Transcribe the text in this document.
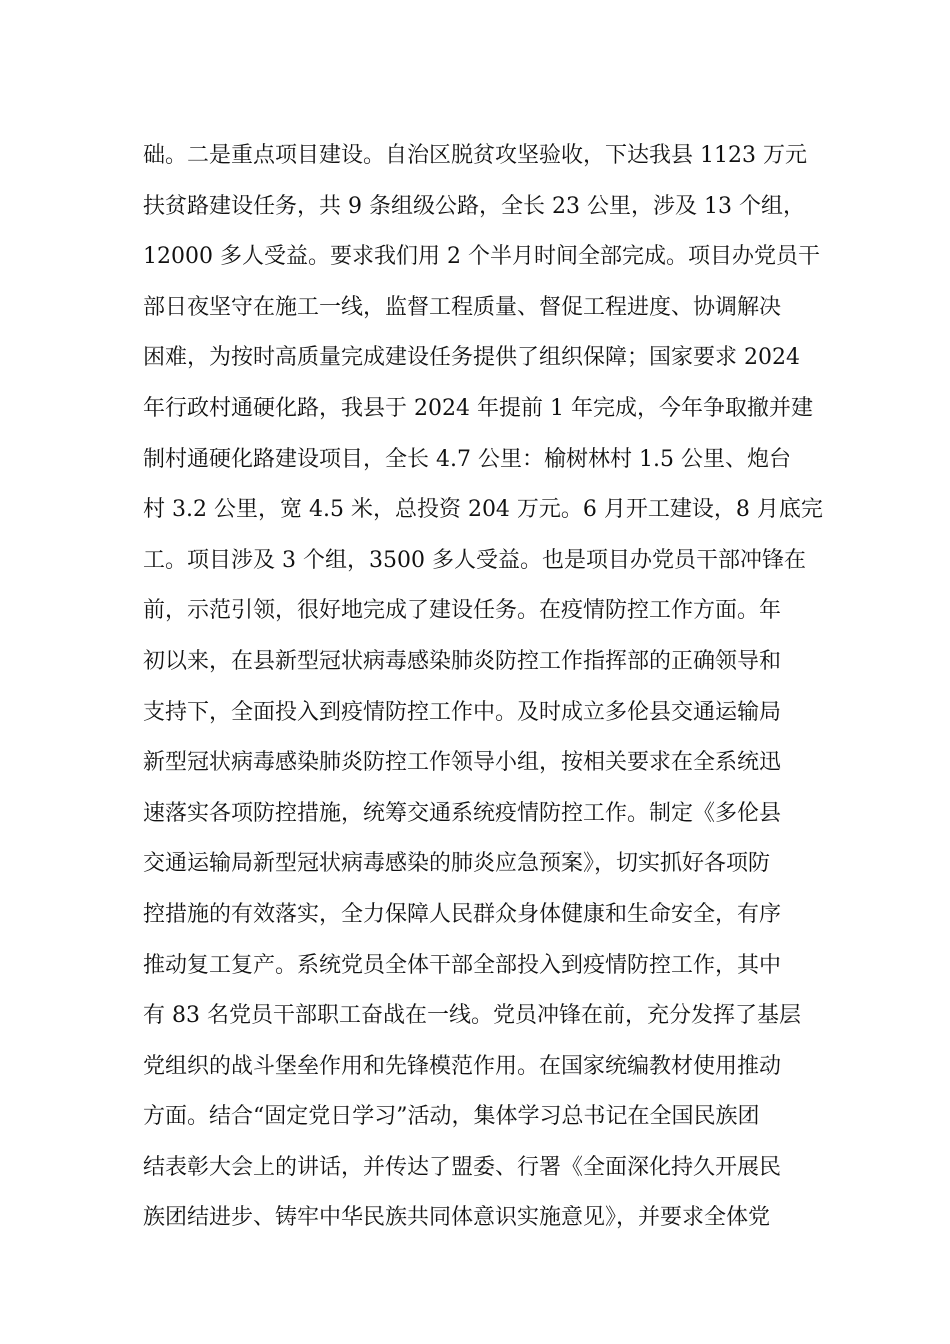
础。二是重点项目建设。自治区脱贫攻坚验收，下达我县 1123 万元
扶贫路建设任务，共 9 条组级公路，全长 23 公里，涉及 13 个组，
12000 多人受益。要求我们用 2 个半月时间全部完成。项目办党员干
部日夜坚守在施工一线，监督工程质量、督促工程进度、协调解决
困难，为按时高质量完成建设任务提供了组织保障；国家要求 2024
年行政村通硬化路，我县于 2024 年提前 1 年完成，今年争取撤并建
制村通硬化路建设项目，全长 4.7 公里：榆树林村 1.5 公里、炮台
村 3.2 公里，宽 4.5 米，总投资 204 万元。6 月开工建设，8 月底完
工。项目涉及 3 个组，3500 多人受益。也是项目办党员干部冲锋在
前，示范引领，很好地完成了建设任务。在疫情防控工作方面。年
初以来，在县新型冠状病毒感染肺炎防控工作指挥部的正确领导和
支持下，全面投入到疫情防控工作中。及时成立多伦县交通运输局
新型冠状病毒感染肺炎防控工作领导小组，按相关要求在全系统迅
速落实各项防控措施，统筹交通系统疫情防控工作。制定《多伦县
交通运输局新型冠状病毒感染的肺炎应急预案》，切实抓好各项防
控措施的有效落实，全力保障人民群众身体健康和生命安全，有序
推动复工复产。系统党员全体干部全部投入到疫情防控工作，其中
有 83 名党员干部职工奋战在一线。党员冲锋在前，充分发挥了基层
党组织的战斗堡垒作用和先锋模范作用。在国家统编教材使用推动
方面。结合“固定党日学习”活动，集体学习总书记在全国民族团
结表彰大会上的讲话，并传达了盟委、行署《全面深化持久开展民
族团结进步、铸牢中华民族共同体意识实施意见》，并要求全体党
